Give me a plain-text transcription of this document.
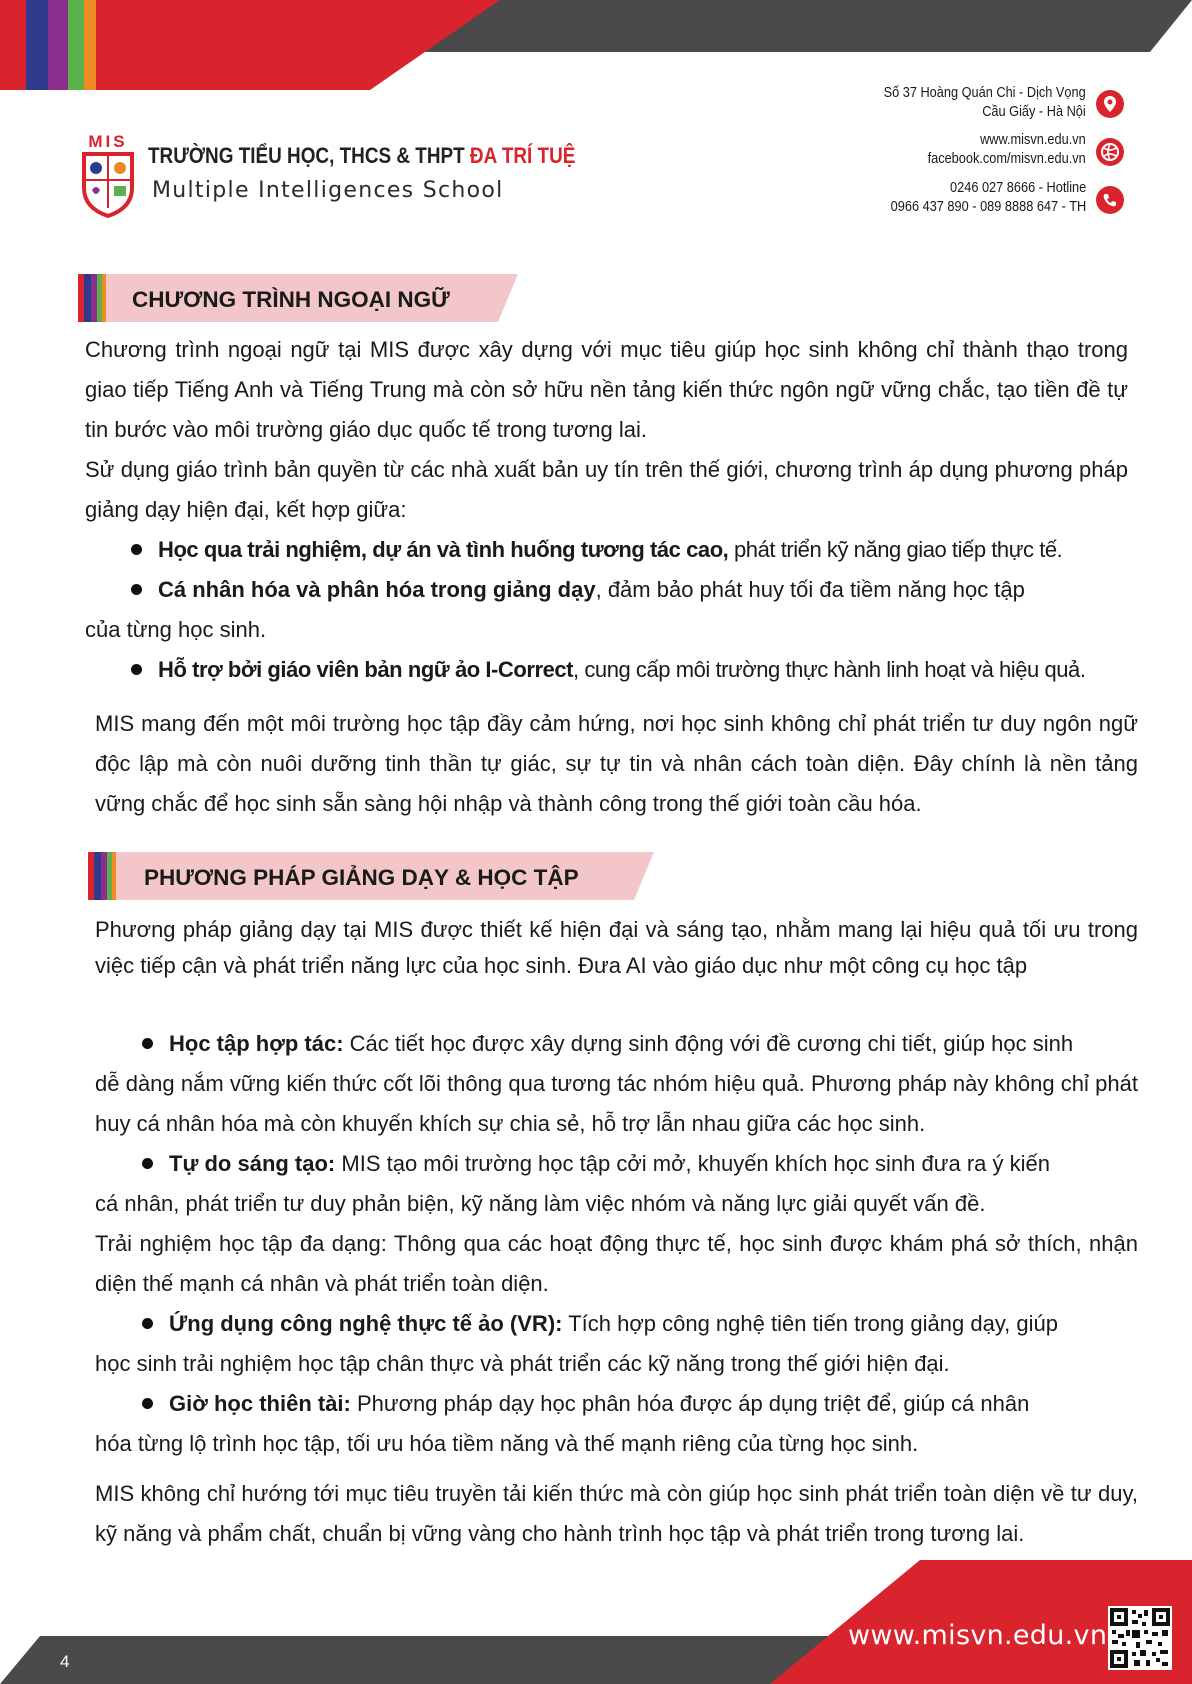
MIS
TRƯỜNG TIỂU HỌC, THCS & THPT ĐA TRÍ TUỆ
Multiple Intelligences School
Số 37 Hoàng Quán Chi - Dịch Vọng
Cầu Giấy - Hà Nội
www.misvn.edu.vn
facebook.com/misvn.edu.vn
0246 027 8666 - Hotline
0966 437 890 - 089 8888 647 - TH
CHƯƠNG TRÌNH NGOẠI NGỮ
Chương trình ngoại ngữ tại MIS được xây dựng với mục tiêu giúp học sinh không chỉ thành thạo trong giao tiếp Tiếng Anh và Tiếng Trung mà còn sở hữu nền tảng kiến thức ngôn ngữ vững chắc, tạo tiền đề tự tin bước vào môi trường giáo dục quốc tế trong tương lai.
Sử dụng giáo trình bản quyền từ các nhà xuất bản uy tín trên thế giới, chương trình áp dụng phương pháp giảng dạy hiện đại, kết hợp giữa:
Học qua trải nghiệm, dự án và tình huống tương tác cao, phát triển kỹ năng giao tiếp thực tế.
Cá nhân hóa và phân hóa trong giảng dạy, đảm bảo phát huy tối đa tiềm năng học tập
của từng học sinh.
Hỗ trợ bởi giáo viên bản ngữ ảo I-Correct, cung cấp môi trường thực hành linh hoạt và hiệu quả.
MIS mang đến một môi trường học tập đầy cảm hứng, nơi học sinh không chỉ phát triển tư duy ngôn ngữ độc lập mà còn nuôi dưỡng tinh thần tự giác, sự tự tin và nhân cách toàn diện. Đây chính là nền tảng vững chắc để học sinh sẵn sàng hội nhập và thành công trong thế giới toàn cầu hóa.
PHƯƠNG PHÁP GIẢNG DẠY & HỌC TẬP
Phương pháp giảng dạy tại MIS được thiết kế hiện đại và sáng tạo, nhằm mang lại hiệu quả tối ưu trong việc tiếp cận và phát triển năng lực của học sinh. Đưa AI vào giáo dục như một công cụ học tập
Học tập hợp tác: Các tiết học được xây dựng sinh động với đề cương chi tiết, giúp học sinh
dễ dàng nắm vững kiến thức cốt lõi thông qua tương tác nhóm hiệu quả. Phương pháp này không chỉ phát huy cá nhân hóa mà còn khuyến khích sự chia sẻ, hỗ trợ lẫn nhau giữa các học sinh.
Tự do sáng tạo: MIS tạo môi trường học tập cởi mở, khuyến khích học sinh đưa ra ý kiến
cá nhân, phát triển tư duy phản biện, kỹ năng làm việc nhóm và năng lực giải quyết vấn đề.
Trải nghiệm học tập đa dạng: Thông qua các hoạt động thực tế, học sinh được khám phá sở thích, nhận diện thế mạnh cá nhân và phát triển toàn diện.
Ứng dụng công nghệ thực tế ảo (VR): Tích hợp công nghệ tiên tiến trong giảng dạy, giúp
học sinh trải nghiệm học tập chân thực và phát triển các kỹ năng trong thế giới hiện đại.
Giờ học thiên tài: Phương pháp dạy học phân hóa được áp dụng triệt để, giúp cá nhân
hóa từng lộ trình học tập, tối ưu hóa tiềm năng và thế mạnh riêng của từng học sinh.
MIS không chỉ hướng tới mục tiêu truyền tải kiến thức mà còn giúp học sinh phát triển toàn diện về tư duy, kỹ năng và phẩm chất, chuẩn bị vững vàng cho hành trình học tập và phát triển trong tương lai.
4
www.misvn.edu.vn
